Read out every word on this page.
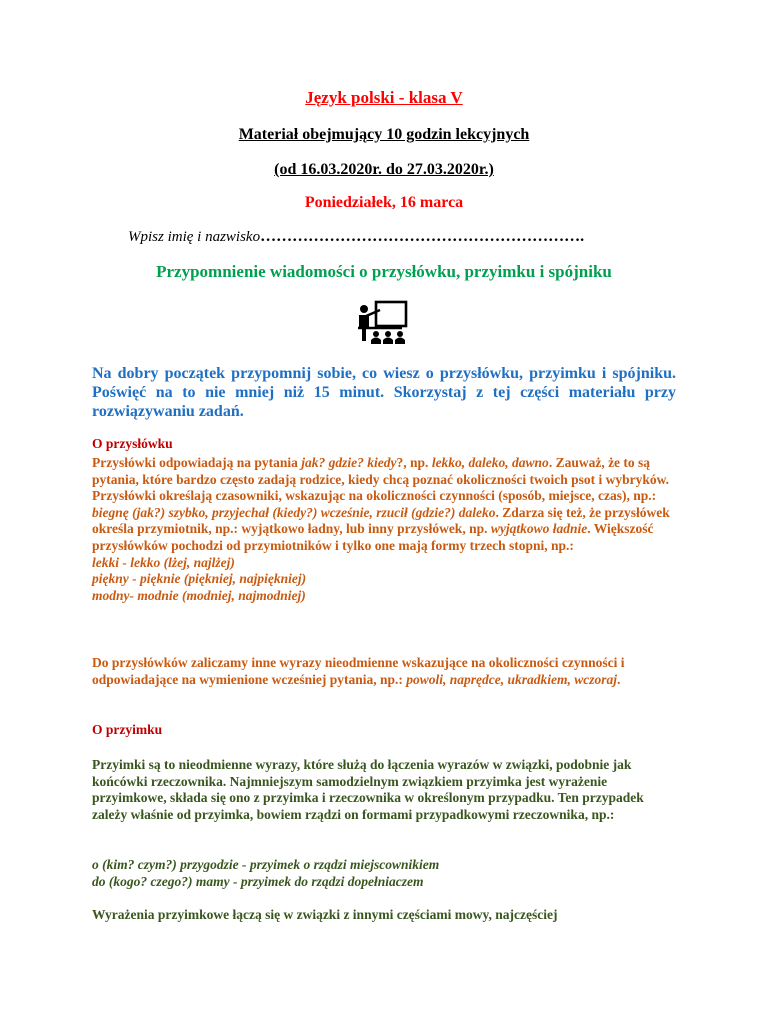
Język polski - klasa V
Materiał obejmujący 10 godzin lekcyjnych
(od 16.03.2020r. do 27.03.2020r.)
Poniedziałek, 16 marca
Wpisz imię i nazwisko…………………………………………………….
Przypomnienie wiadomości o przysłówku, przyimku i spójniku

Na dobry początek przypomnij sobie, co wiesz o przysłówku, przyimku i spójniku. Poświęć na to nie mniej niż 15 minut. Skorzystaj z tej części materiału przy rozwiązywaniu zadań.

O przysłówku

Przysłówki odpowiadają na pytania jak? gdzie? kiedy?, np. lekko, daleko, dawno. Zauważ, że to są pytania, które bardzo często zadają rodzice, kiedy chcą poznać okoliczności twoich psot i wybryków. Przysłówki określają czasowniki, wskazując na okoliczności czynności (sposób, miejsce, czas), np.: biegnę (jak?) szybko, przyjechał (kiedy?) wcześnie, rzucił (gdzie?) daleko. Zdarza się też, że przysłówek określa przymiotnik, np.: wyjątkowo ładny, lub inny przysłówek, np. wyjątkowo ładnie. Większość przysłówków pochodzi od przymiotników i tylko one mają formy trzech stopni, np.:

lekki - lekko (lżej, najlżej)

piękny - pięknie (piękniej, najpiękniej)

modny- modnie (modniej, najmodniej)

Do przysłówków zaliczamy inne wyrazy nieodmienne wskazujące na okoliczności czynności i odpowiadające na wymienione wcześniej pytania, np.: powoli, naprędce, ukradkiem, wczoraj.

O przyimku

Przyimki są to nieodmienne wyrazy, które służą do łączenia wyrazów w związki, podobnie jak końcówki rzeczownika. Najmniejszym samodzielnym związkiem przyimka jest wyrażenie przyimkowe, składa się ono z przyimka i rzeczownika w określonym przypadku. Ten przypadek zależy właśnie od przyimka, bowiem rządzi on formami przypadkowymi rzeczownika, np.:

o (kim? czym?) przygodzie - przyimek o rządzi miejscownikiem

do (kogo? czego?) mamy - przyimek do rządzi dopełniaczem

Wyrażenia przyimkowe łączą się w związki z innymi częściami mowy, najczęściej
